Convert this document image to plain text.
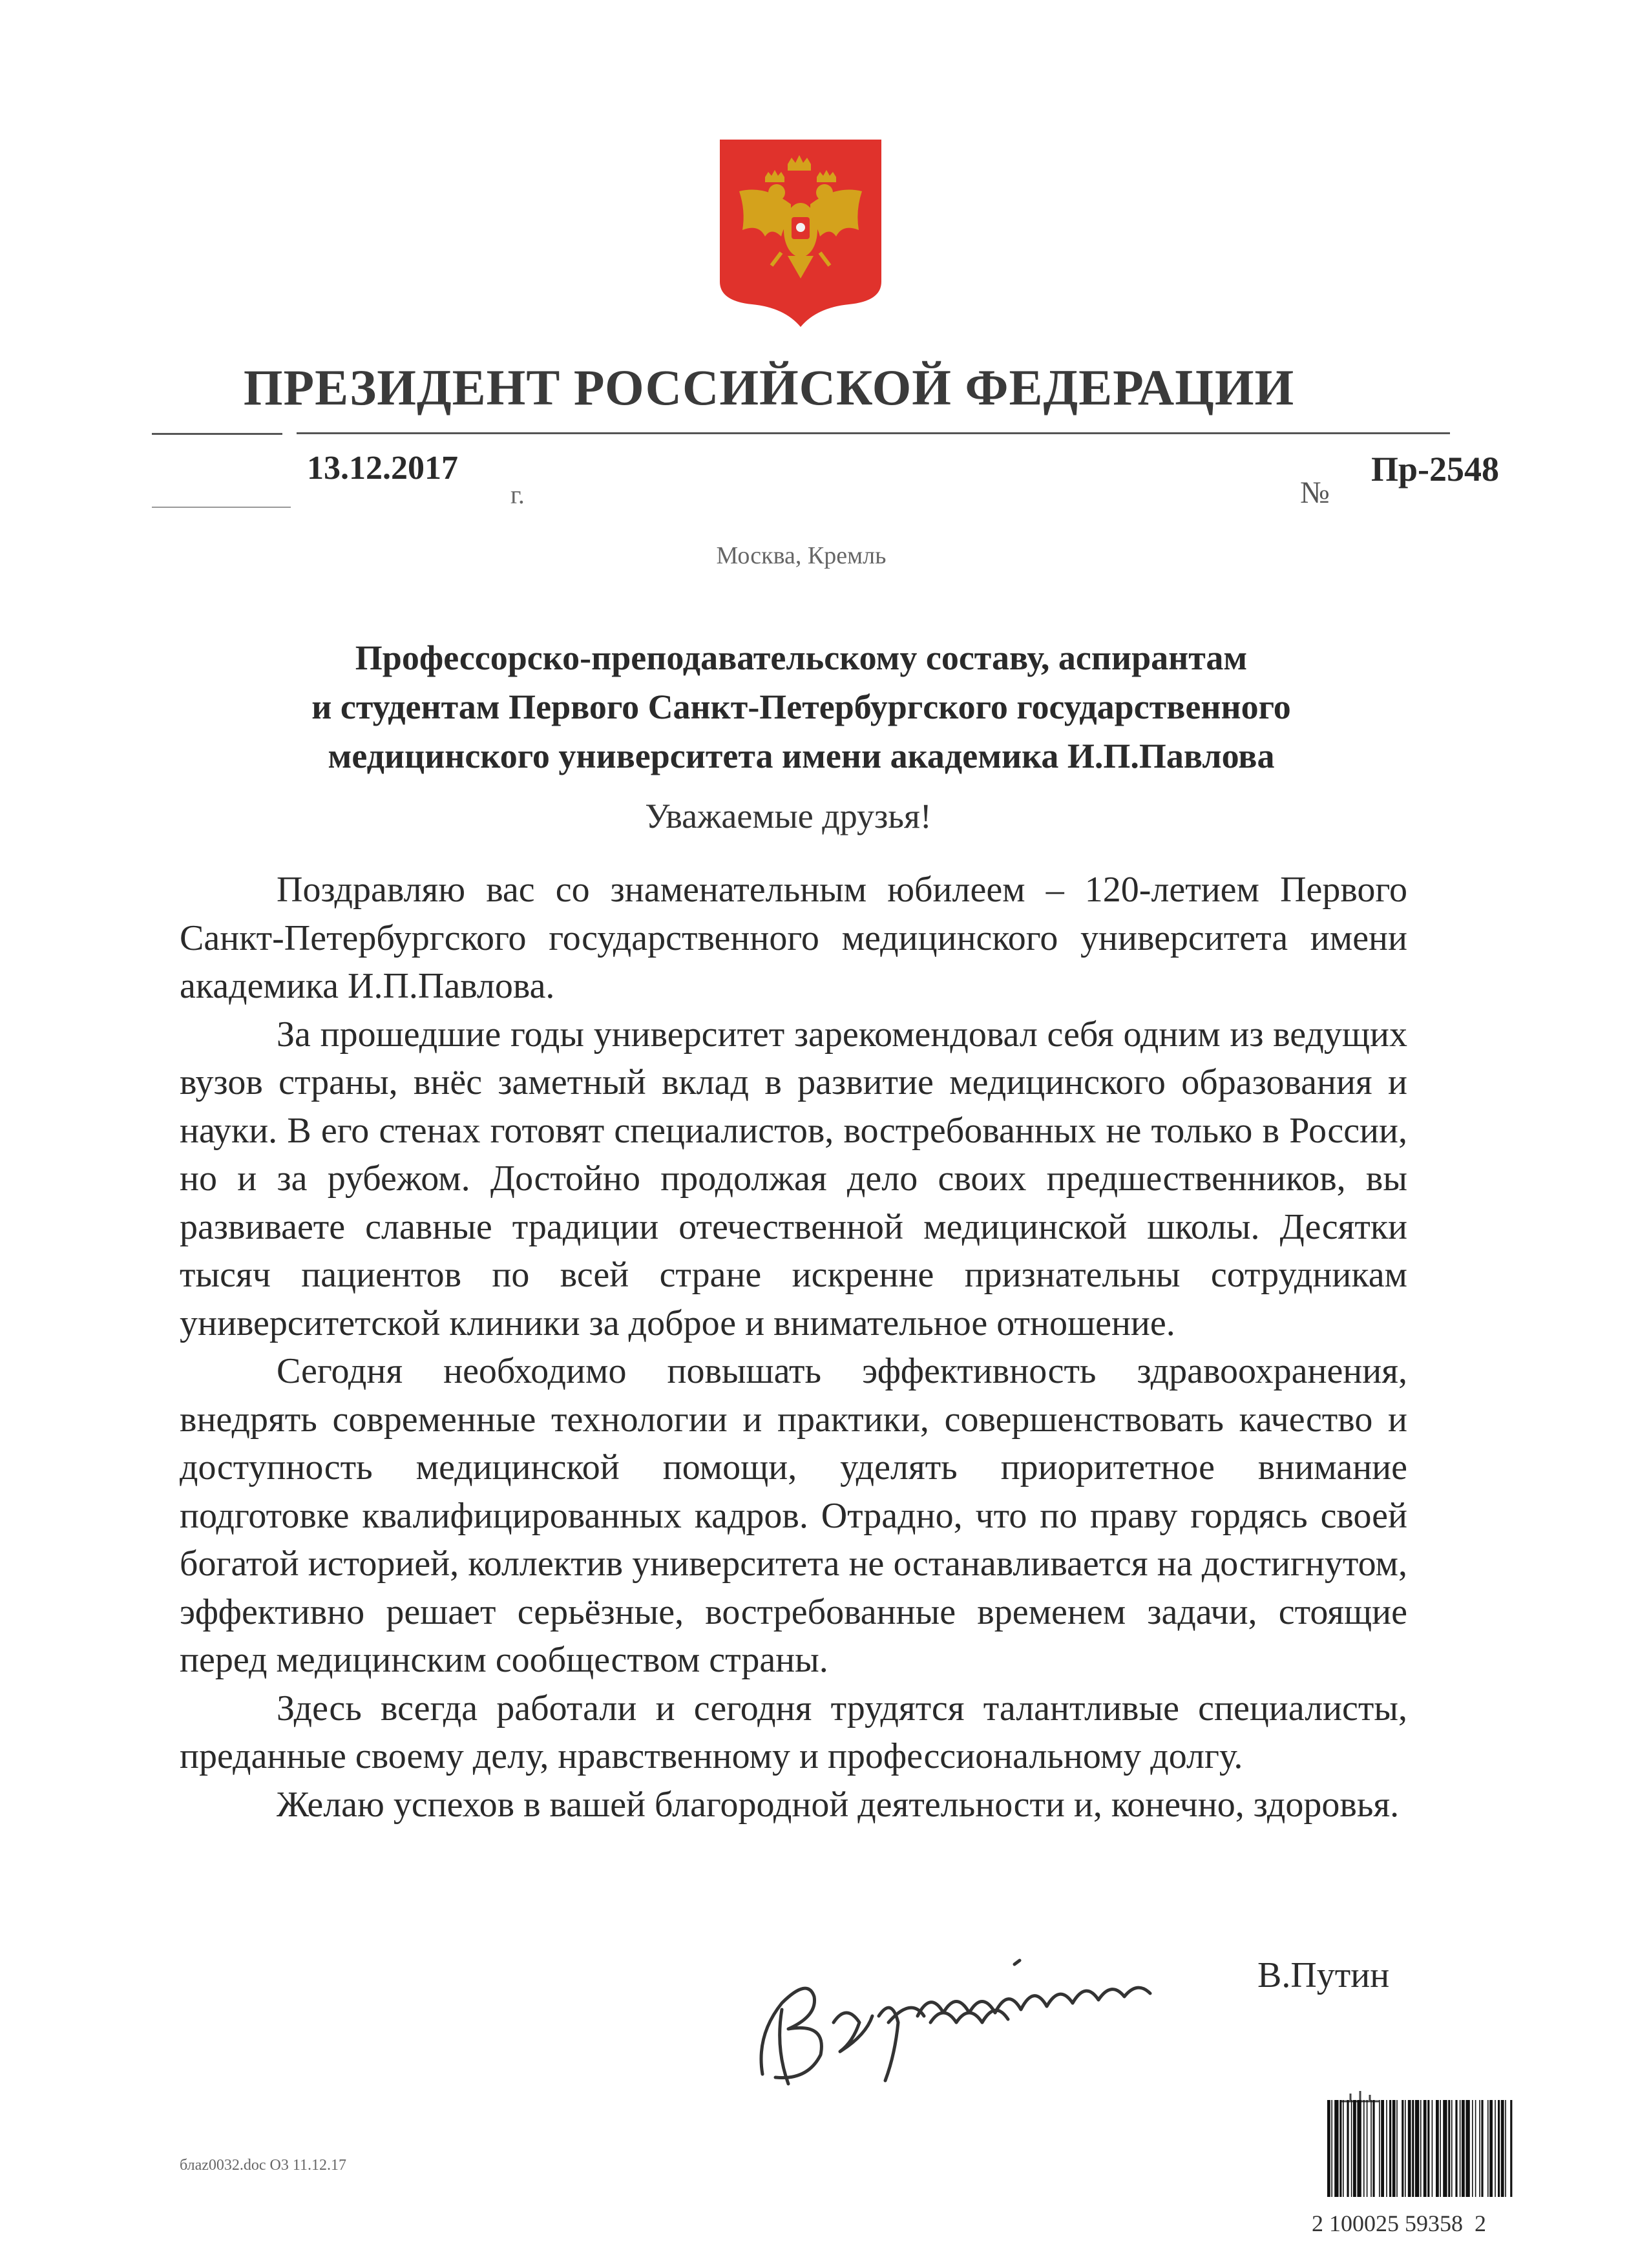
ПРЕЗИДЕНТ РОССИЙСКОЙ ФЕДЕРАЦИИ
13.12.2017
г.	№
Пр-2548
Москва, Кремль
Профессорско-преподавательскому составу, аспирантам
и студентам Первого Санкт-Петербургского государственного
медицинского университета имени академика И.П.Павлова
Уважаемые друзья!

Поздравляю вас со знаменательным юбилеем – 120-летием Первого Санкт-Петербургского государственного медицинского университета имени академика И.П.Павлова.

За прошедшие годы университет зарекомендовал себя одним из ведущих вузов страны, внёс заметный вклад в развитие медицинского образования и науки. В его стенах готовят специалистов, востребованных не только в России, но и за рубежом. Достойно продолжая дело своих предшественников, вы развиваете славные традиции отечественной медицинской школы. Десятки тысяч пациентов по всей стране искренне признательны сотрудникам университетской клиники за доброе и внимательное отношение.

Сегодня необходимо повышать эффективность здравоохранения, внедрять современные технологии и практики, совершенствовать качество и доступность медицинской помощи, уделять приоритетное внимание подготовке квалифицированных кадров. Отрадно, что по праву гордясь своей богатой историей, коллектив университета не останавливается на достигнутом, эффективно решает серьёзные, востребованные временем задачи, стоящие перед медицинским сообществом страны.

Здесь всегда работали и сегодня трудятся талантливые специалисты, преданные своему делу, нравственному и профессиональному долгу.

Желаю успехов в вашей благородной деятельности и, конечно, здоровья.

В.Путин
блаz0032.doc О3 11.12.17
2 100025 59358  2
